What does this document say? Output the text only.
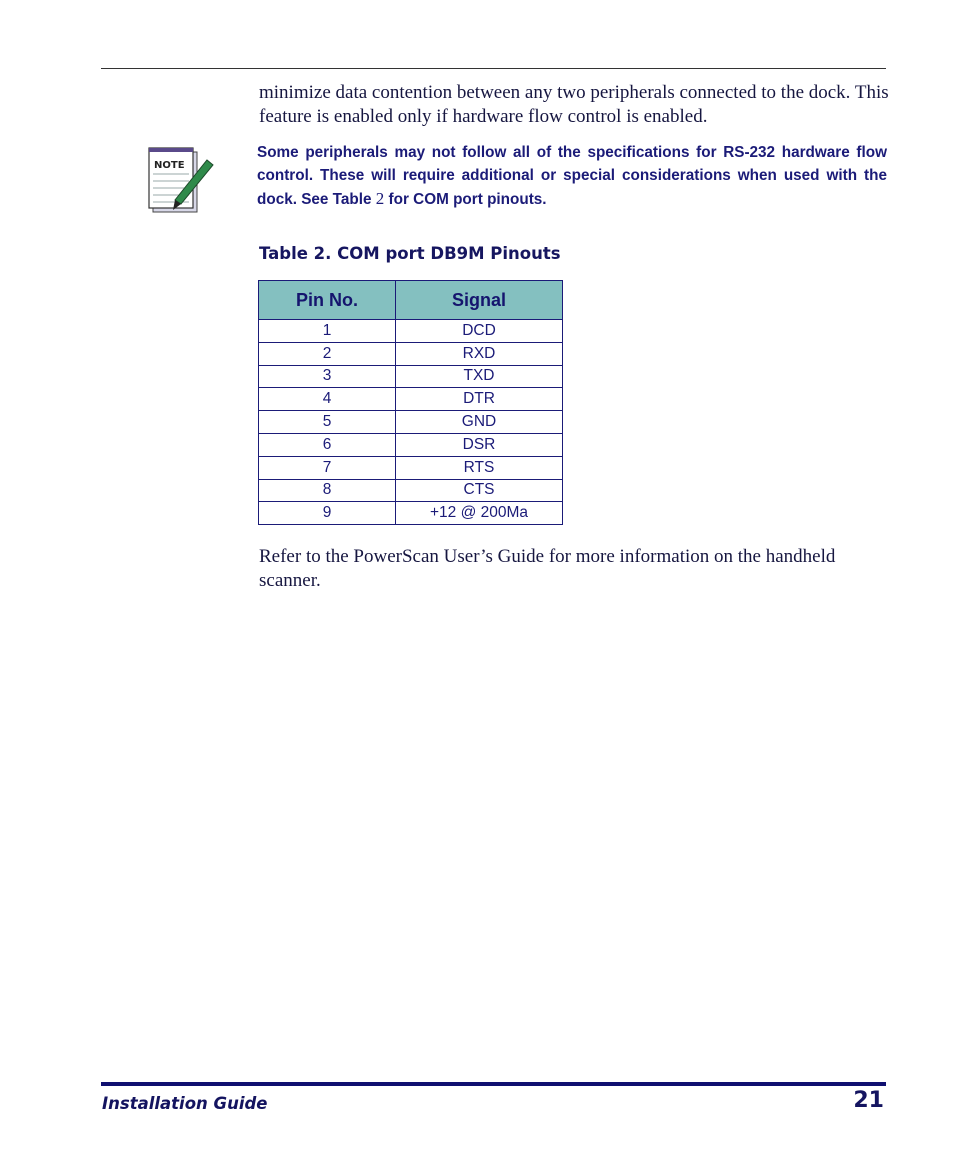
minimize data contention between any two peripherals connected to the dock. This feature is enabled only if hardware flow control is enabled.

NOTE

Some peripherals may not follow all of the specifications for RS-232 hardware flow control. These will require additional or special considerations when used with the dock. See Table 2 for COM port pinouts.

Table 2. COM port DB9M Pinouts
Pin No.	Signal
1	DCD
2	RXD
3	TXD
4	DTR
5	GND
6	DSR
7	RTS
8	CTS
9	+12 @ 200Ma

Refer to the PowerScan User’s Guide for more information on the handheld scanner.

Installation Guide	21
